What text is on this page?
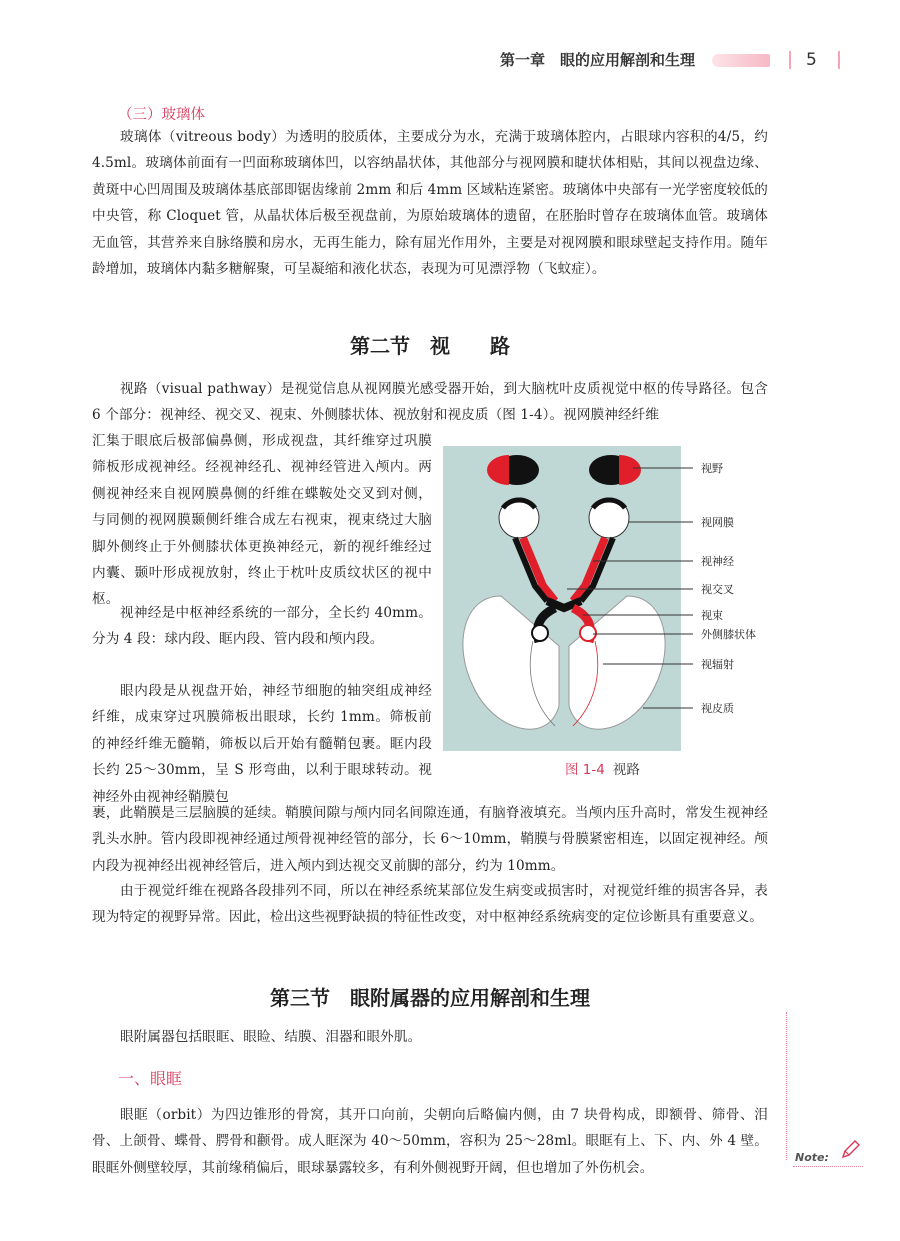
第一章　眼的应用解剖和生理	5
（三）玻璃体

玻璃体（vitreous body）为透明的胶质体，主要成分为水，充满于玻璃体腔内，占眼球内容积的4/5，约 4.5ml。玻璃体前面有一凹面称玻璃体凹，以容纳晶状体，其他部分与视网膜和睫状体相贴，其间以视盘边缘、黄斑中心凹周围及玻璃体基底部即锯齿缘前 2mm 和后 4mm 区域粘连紧密。玻璃体中央部有一光学密度较低的中央管，称 Cloquet 管，从晶状体后极至视盘前，为原始玻璃体的遗留，在胚胎时曾存在玻璃体血管。玻璃体无血管，其营养来自脉络膜和房水，无再生能力，除有屈光作用外，主要是对视网膜和眼球壁起支持作用。随年龄增加，玻璃体内黏多糖解聚，可呈凝缩和液化状态，表现为可见漂浮物（飞蚊症）。

第二节　视　　路

视路（visual pathway）是视觉信息从视网膜光感受器开始，到大脑枕叶皮质视觉中枢的传导路径。包含 6 个部分：视神经、视交叉、视束、外侧膝状体、视放射和视皮质（图 1-4）。视网膜神经纤维

汇集于眼底后极部偏鼻侧，形成视盘，其纤维穿过巩膜筛板形成视神经。经视神经孔、视神经管进入颅内。两侧视神经来自视网膜鼻侧的纤维在蝶鞍处交叉到对侧，与同侧的视网膜颞侧纤维合成左右视束，视束绕过大脑脚外侧终止于外侧膝状体更换神经元，新的视纤维经过内囊、颞叶形成视放射，终止于枕叶皮质纹状区的视中枢。

视神经是中枢神经系统的一部分，全长约 40mm。分为 4 段：球内段、眶内段、管内段和颅内段。

眼内段是从视盘开始，神经节细胞的轴突组成神经纤维，成束穿过巩膜筛板出眼球，长约 1mm。筛板前的神经纤维无髓鞘，筛板以后开始有髓鞘包裹。眶内段长约 25～30mm，呈 S 形弯曲，以利于眼球转动。视神经外由视神经鞘膜包

裹，此鞘膜是三层脑膜的延续。鞘膜间隙与颅内同名间隙连通，有脑脊液填充。当颅内压升高时，常发生视神经乳头水肿。管内段即视神经通过颅骨视神经管的部分，长 6～10mm，鞘膜与骨膜紧密相连，以固定视神经。颅内段为视神经出视神经管后，进入颅内到达视交叉前脚的部分，约为 10mm。

由于视觉纤维在视路各段排列不同，所以在神经系统某部位发生病变或损害时，对视觉纤维的损害各异，表现为特定的视野异常。因此，检出这些视野缺损的特征性改变，对中枢神经系统病变的定位诊断具有重要意义。

视野
视网膜
视神经
视交叉
视束
外侧膝状体
视辐射
视皮质
图 1-4 视路
第三节　眼附属器的应用解剖和生理

眼附属器包括眼眶、眼睑、结膜、泪器和眼外肌。

一、眼眶

眼眶（orbit）为四边锥形的骨窝，其开口向前，尖朝向后略偏内侧，由 7 块骨构成，即额骨、筛骨、泪骨、上颌骨、蝶骨、腭骨和颧骨。成人眶深为 40～50mm，容积为 25～28ml。眼眶有上、下、内、外 4 壁。眼眶外侧壁较厚，其前缘稍偏后，眼球暴露较多，有利外侧视野开阔，但也增加了外伤机会。

Note:
